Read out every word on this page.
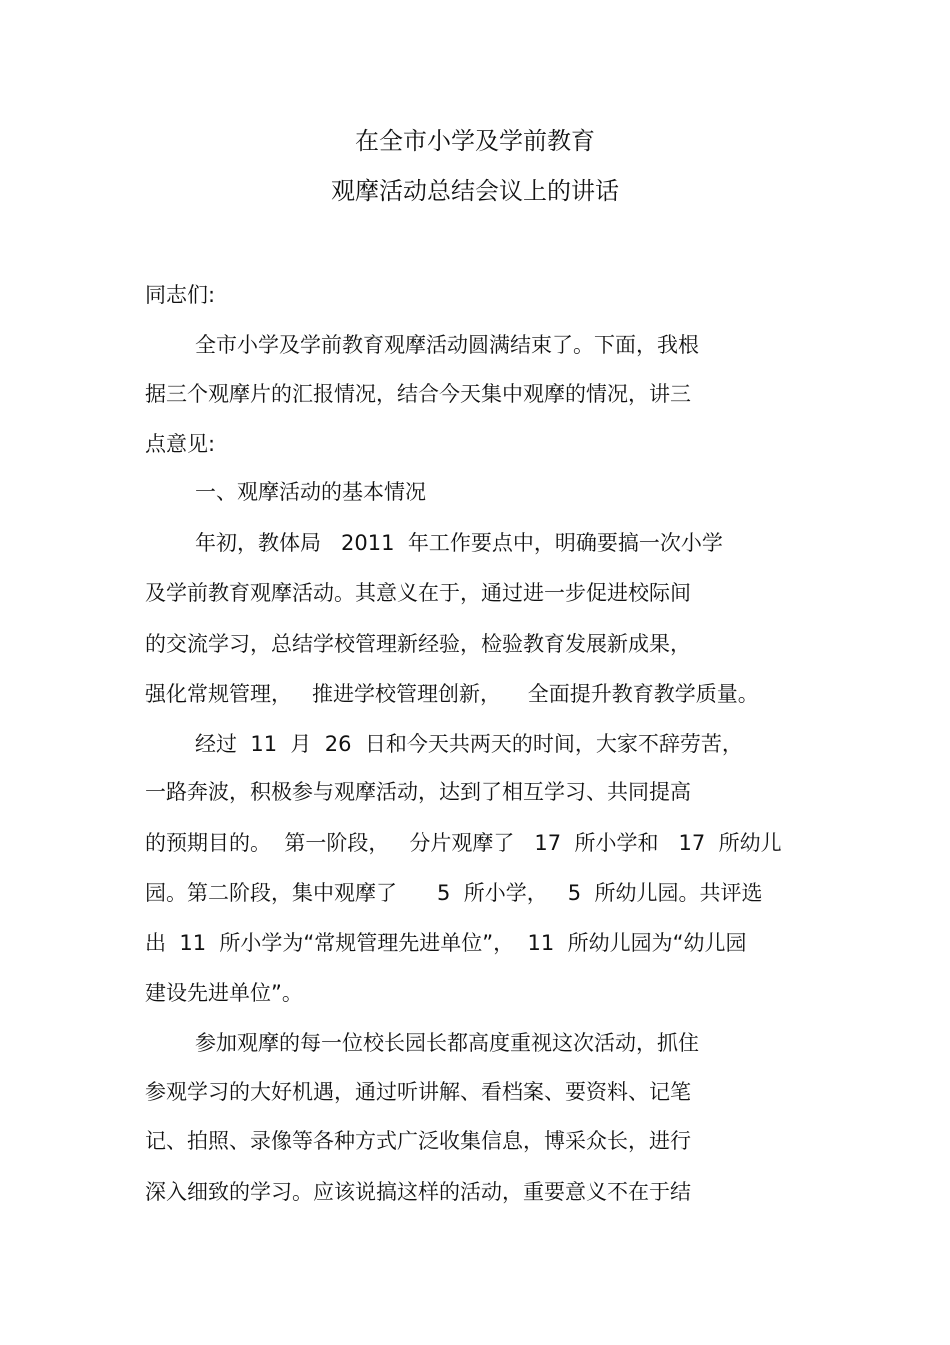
在全市小学及学前教育
观摩活动总结会议上的讲话
同志们:
全市小学及学前教育观摩活动圆满结束了。下面，我根
据三个观摩片的汇报情况，结合今天集中观摩的情况，讲三
点意见:
一、观摩活动的基本情况
年初，教体局   2011  年工作要点中，明确要搞一次小学
及学前教育观摩活动。其意义在于，通过进一步促进校际间
的交流学习，总结学校管理新经验，检验教育发展新成果，
强化常规管理，   推进学校管理创新，    全面提升教育教学质量。
经过  11  月  26  日和今天共两天的时间，大家不辞劳苦，
一路奔波，积极参与观摩活动，达到了相互学习、共同提高
的预期目的。  第一阶段，   分片观摩了   17  所小学和   17  所幼儿
园。第二阶段，集中观摩了      5  所小学，   5  所幼儿园。共评选
出  11  所小学为“常规管理先进单位”，  11  所幼儿园为“幼儿园
建设先进单位”。
参加观摩的每一位校长园长都高度重视这次活动，抓住
参观学习的大好机遇，通过听讲解、看档案、要资料、记笔
记、拍照、录像等各种方式广泛收集信息，博采众长，进行
深入细致的学习。应该说搞这样的活动，重要意义不在于结
